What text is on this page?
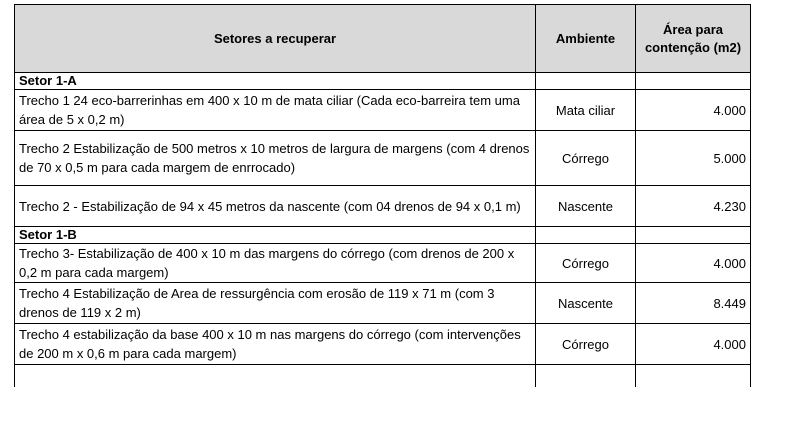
Setores a recuperar	Ambiente	Área para contenção (m2)
Setor 1-A		
Trecho 1 24 eco-barrerinhas em 400 x 10 m de mata ciliar (Cada eco-barreira tem uma área de 5 x 0,2 m)	Mata ciliar	4.000
Trecho 2 Estabilização de 500 metros x 10 metros de largura de margens (com 4 drenos de 70 x 0,5 m para cada margem de enrrocado)	Córrego	5.000
Trecho 2 - Estabilização de 94 x 45 metros da nascente (com 04 drenos de 94 x 0,1 m)	Nascente	4.230
Setor 1-B		
Trecho 3- Estabilização de 400 x 10 m das margens do córrego (com drenos de 200 x 0,2 m para cada margem)	Córrego	4.000
Trecho 4 Estabilização de Area de ressurgência com erosão de 119 x 71 m (com 3 drenos de 119 x 2 m)	Nascente	8.449
Trecho 4 estabilização da base 400 x 10 m nas margens do córrego (com intervenções de 200 m x 0,6 m para cada margem)	Córrego	4.000
